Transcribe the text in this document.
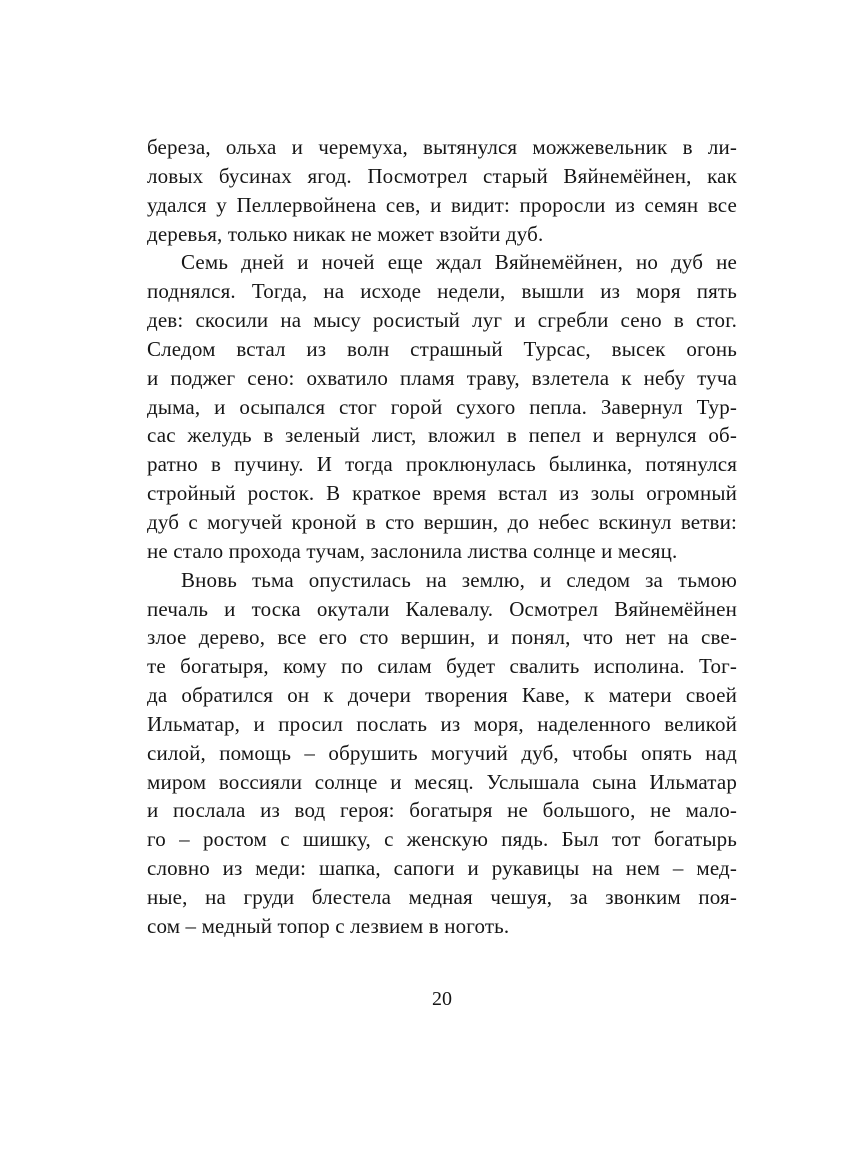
береза, ольха и черемуха, вытянулся можжевельник в ли-
ловых бусинах ягод. Посмотрел старый Вяйнемёйнен, как
удался у Пеллервойнена сев, и видит: проросли из семян все
деревья, только никак не может взойти дуб.
Семь дней и ночей еще ждал Вяйнемёйнен, но дуб не
поднялся. Тогда, на исходе недели, вышли из моря пять
дев: скосили на мысу росистый луг и сгребли сено в стог.
Следом встал из волн страшный Турсас, высек огонь
и поджег сено: охватило пламя траву, взлетела к небу туча
дыма, и осыпался стог горой сухого пепла. Завернул Тур-
сас желудь в зеленый лист, вложил в пепел и вернулся об-
ратно в пучину. И тогда проклюнулась былинка, потянулся
стройный росток. В краткое время встал из золы огромный
дуб с могучей кроной в сто вершин, до небес вскинул ветви:
не стало прохода тучам, заслонила листва солнце и месяц.
Вновь тьма опустилась на землю, и следом за тьмою
печаль и тоска окутали Калевалу. Осмотрел Вяйнемёйнен
злое дерево, все его сто вершин, и понял, что нет на све-
те богатыря, кому по силам будет свалить исполина. Тог-
да обратился он к дочери творения Каве, к матери своей
Ильматар, и просил послать из моря, наделенного великой
силой, помощь – обрушить могучий дуб, чтобы опять над
миром воссияли солнце и месяц. Услышала сына Ильматар
и послала из вод героя: богатыря не большого, не мало-
го – ростом с шишку, с женскую пядь. Был тот богатырь
словно из меди: шапка, сапоги и рукавицы на нем – мед-
ные, на груди блестела медная чешуя, за звонким поя-
сом – медный топор с лезвием в ноготь.
20
